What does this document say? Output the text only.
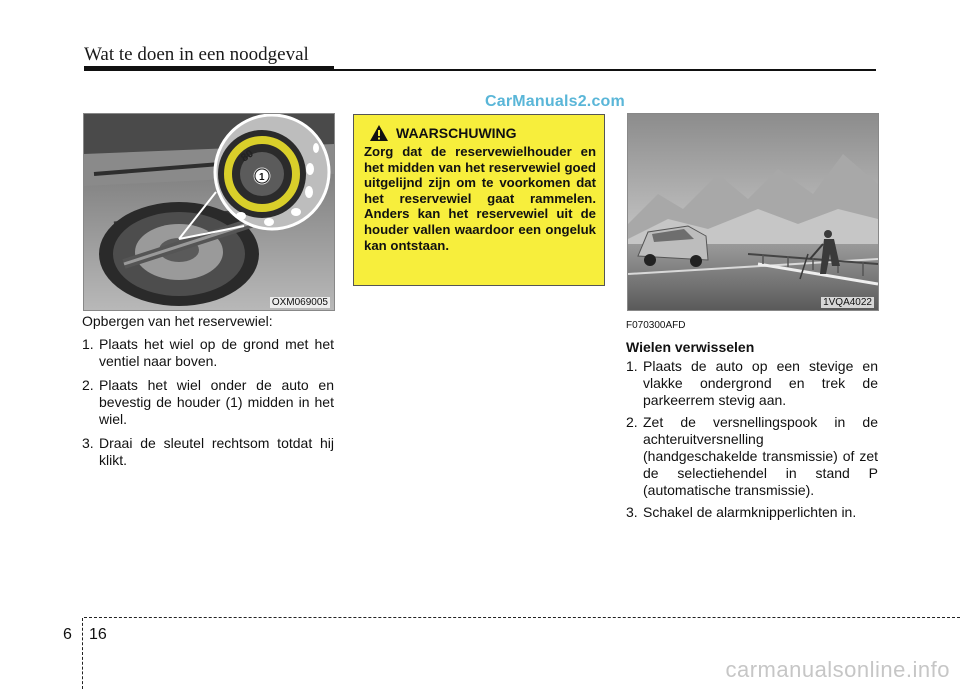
Wat te doen in een noodgeval
CarManuals2.com
80
1
OXM069005
Opbergen van het reservewiel:
1. Plaats het wiel op de grond met het ventiel naar boven.
2. Plaats het wiel onder de auto en bevestig de houder (1) midden in het wiel.
3. Draai de sleutel rechtsom totdat hij klikt.
WAARSCHUWING
Zorg dat de reservewielhouder en het midden van het reservewiel goed uitgelijnd zijn om te voorkomen dat het reservewiel gaat rammelen. Anders kan het reservewiel uit de houder vallen waardoor een ongeluk kan ontstaan.
1VQA4022
F070300AFD
Wielen verwisselen
1. Plaats de auto op een stevige en vlakke ondergrond en trek de parkeerrem stevig aan.
2. Zet de versnellingspook in de achteruitversnelling (handgeschakelde transmissie) of zet de selectiehendel in stand P (automatische transmissie).
3. Schakel de alarmknipperlichten in.
6 16
carmanualsonline.info
